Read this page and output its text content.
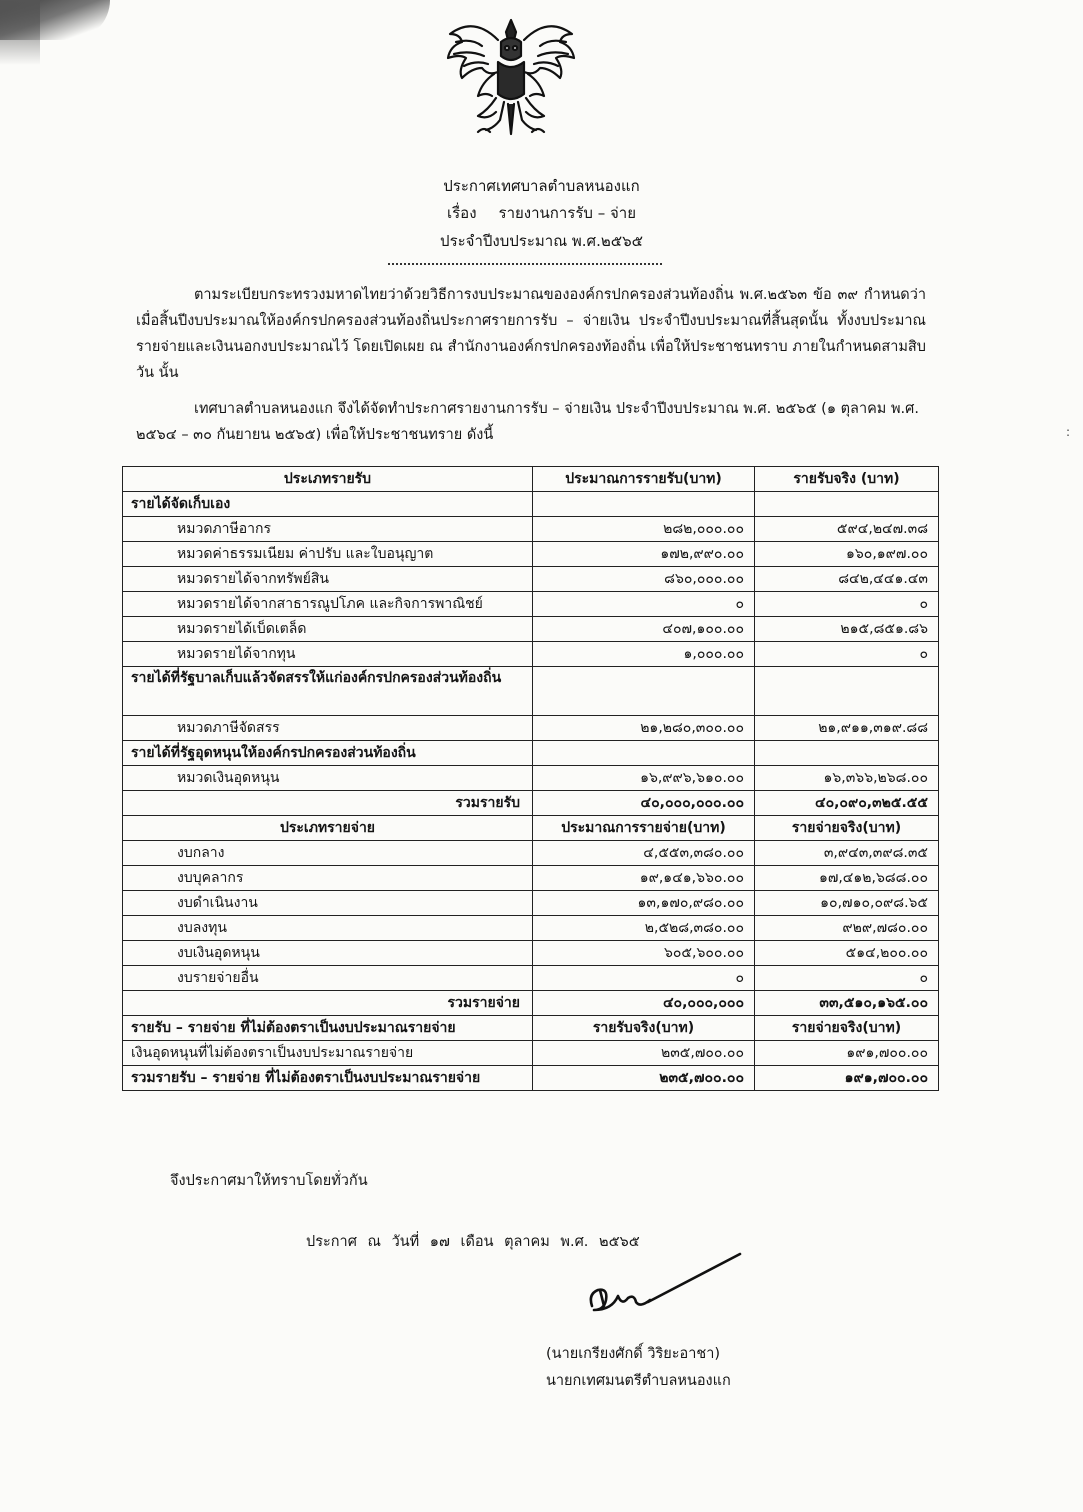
ประกาศเทศบาลตำบลหนองแก
เรื่อง รายงานการรับ – จ่าย
ประจำปีงบประมาณ พ.ศ.๒๕๖๕

ตามระเบียบกระทรวงมหาดไทยว่าด้วยวิธีการงบประมาณขององค์กรปกครองส่วนท้องถิ่น พ.ศ.๒๕๖๓ ข้อ ๓๙ กำหนดว่า เมื่อสิ้นปีงบประมาณให้องค์กรปกครองส่วนท้องถิ่นประกาศรายการรับ – จ่ายเงิน ประจำปีงบประมาณที่สิ้นสุดนั้น ทั้งงบประมาณรายจ่ายและเงินนอกงบประมาณไว้ โดยเปิดเผย ณ สำนักงานองค์กรปกครองท้องถิ่น เพื่อให้ประชาชนทราบ ภายในกำหนดสามสิบวัน นั้น

เทศบาลตำบลหนองแก จึงได้จัดทำประกาศรายงานการรับ – จ่ายเงิน ประจำปีงบประมาณ พ.ศ. ๒๕๖๕ (๑ ตุลาคม พ.ศ. ๒๕๖๔ – ๓๐ กันยายน ๒๕๖๕) เพื่อให้ประชาชนทราย ดังนี้	:
ประเภทรายรับ	ประมาณการรายรับ(บาท)	รายรับจริง (บาท)
รายได้จัดเก็บเอง		
หมวดภาษีอากร	๒๘๒,๐๐๐.๐๐	๕๙๔,๒๔๗.๓๘
หมวดค่าธรรมเนียม ค่าปรับ และใบอนุญาต	๑๗๒,๙๙๐.๐๐	๑๖๐,๑๙๗.๐๐
หมวดรายได้จากทรัพย์สิน	๘๖๐,๐๐๐.๐๐	๘๔๒,๔๔๑.๔๓
หมวดรายได้จากสาธารณูปโภค และกิจการพาณิชย์	๐	๐
หมวดรายได้เบ็ดเตล็ด	๔๐๗,๑๐๐.๐๐	๒๑๕,๘๕๑.๘๖
หมวดรายได้จากทุน	๑,๐๐๐.๐๐	๐
รายได้ที่รัฐบาลเก็บแล้วจัดสรรให้แก่องค์กรปกครองส่วนท้องถิ่น		
หมวดภาษีจัดสรร	๒๑,๒๘๐,๓๐๐.๐๐	๒๑,๙๑๑,๓๑๙.๘๘
รายได้ที่รัฐอุดหนุนให้องค์กรปกครองส่วนท้องถิ่น		
หมวดเงินอุดหนุน	๑๖,๙๙๖,๖๑๐.๐๐	๑๖,๓๖๖,๒๖๘.๐๐
รวมรายรับ	๔๐,๐๐๐,๐๐๐.๐๐	๔๐,๐๙๐,๓๒๕.๕๕
ประเภทรายจ่าย	ประมาณการรายจ่าย(บาท)	รายจ่ายจริง(บาท)
งบกลาง	๔,๕๕๓,๓๘๐.๐๐	๓,๙๔๓,๓๙๘.๓๕
งบบุคลากร	๑๙,๑๔๑,๖๖๐.๐๐	๑๗,๔๑๒,๖๘๘.๐๐
งบดำเนินงาน	๑๓,๑๗๐,๙๘๐.๐๐	๑๐,๗๑๐,๐๙๘.๖๕
งบลงทุน	๒,๕๒๘,๓๘๐.๐๐	๙๒๙,๗๘๐.๐๐
งบเงินอุดหนุน	๖๐๕,๖๐๐.๐๐	๕๑๔,๒๐๐.๐๐
งบรายจ่ายอื่น	๐	๐
รวมรายจ่าย	๔๐,๐๐๐,๐๐๐	๓๓,๕๑๐,๑๖๕.๐๐
รายรับ – รายจ่าย ที่ไม่ต้องตราเป็นงบประมาณรายจ่าย	รายรับจริง(บาท)	รายจ่ายจริง(บาท)
เงินอุดหนุนที่ไม่ต้องตราเป็นงบประมาณรายจ่าย	๒๓๕,๗๐๐.๐๐	๑๙๑,๗๐๐.๐๐
รวมรายรับ – รายจ่าย ที่ไม่ต้องตราเป็นงบประมาณรายจ่าย	๒๓๕,๗๐๐.๐๐	๑๙๑,๗๐๐.๐๐
จึงประกาศมาให้ทราบโดยทั่วกัน
ประกาศ ณ วันที่ ๑๗ เดือน ตุลาคม พ.ศ. ๒๕๖๕
(นายเกรียงศักดิ์ วิริยะอาชา)
นายกเทศมนตรีตำบลหนองแก
